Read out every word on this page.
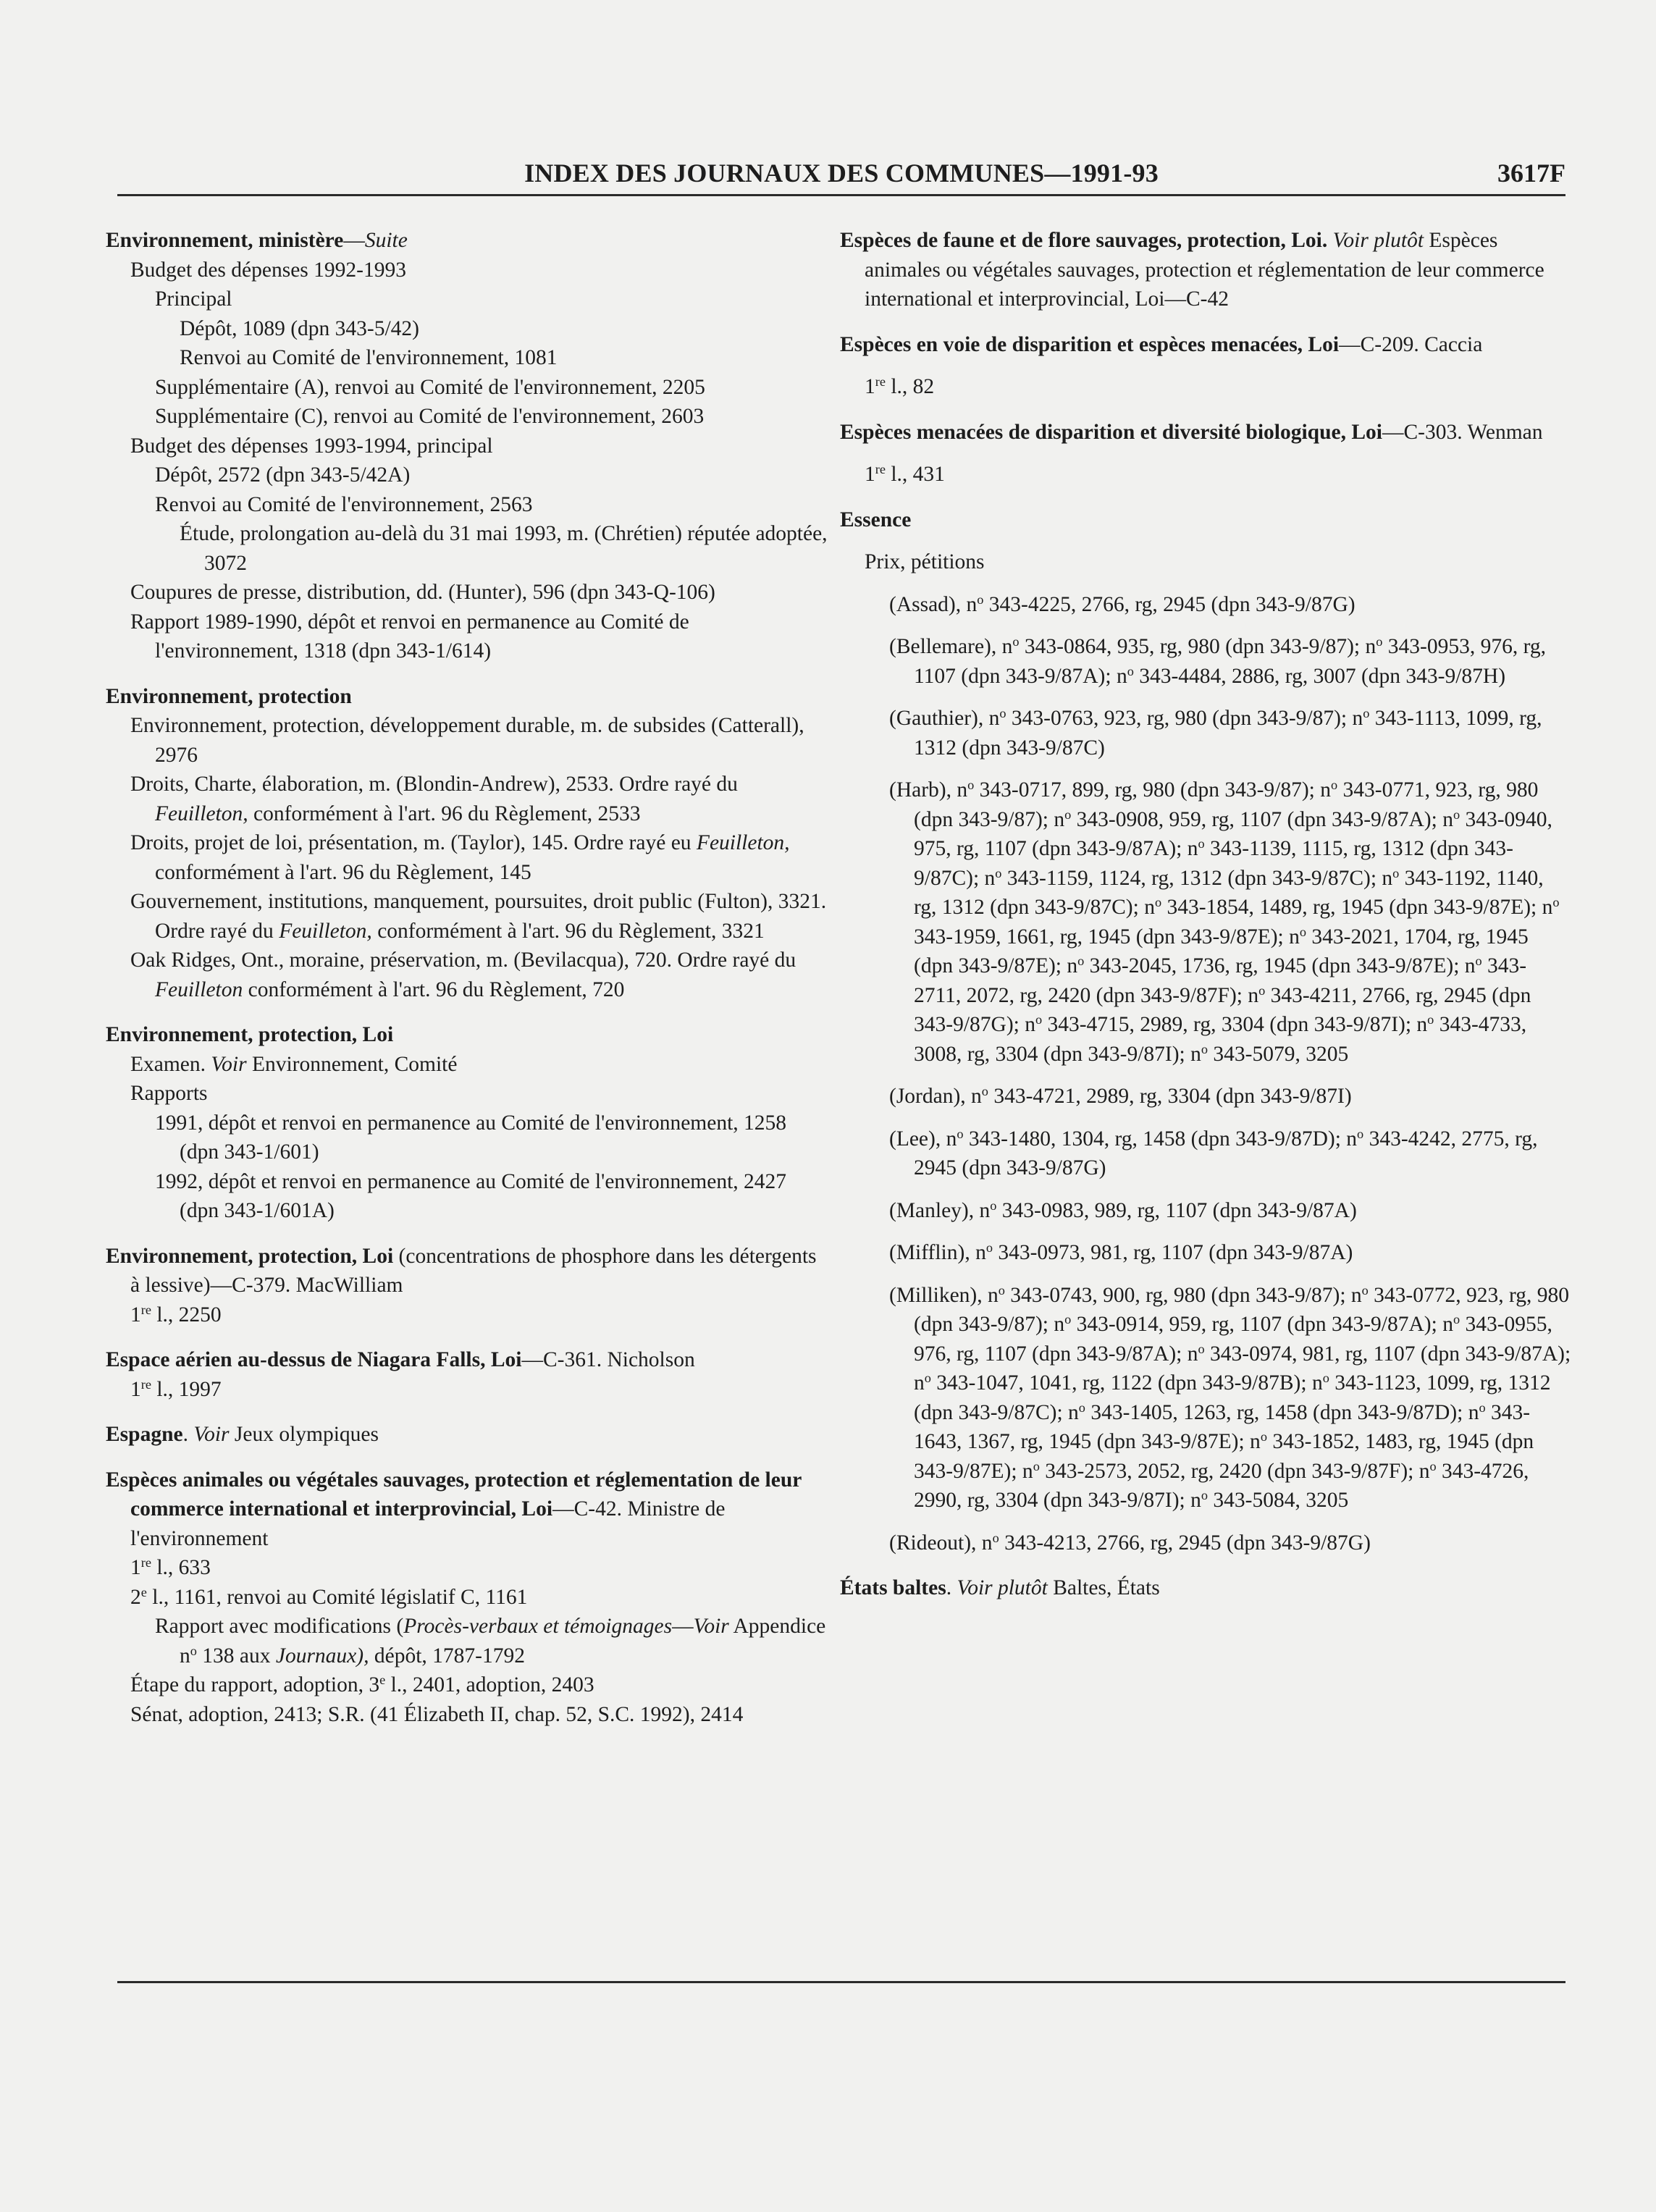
INDEX DES JOURNAUX DES COMMUNES—1991-93	3617F
Environnement, ministère—Suite
Budget des dépenses 1992-1993
Principal
Dépôt, 1089 (dpn 343-5/42)
Renvoi au Comité de l'environnement, 1081
Supplémentaire (A), renvoi au Comité de l'environnement, 2205
Supplémentaire (C), renvoi au Comité de l'environnement, 2603
Budget des dépenses 1993-1994, principal
Dépôt, 2572 (dpn 343-5/42A)
Renvoi au Comité de l'environnement, 2563
Étude, prolongation au-delà du 31 mai 1993, m. (Chrétien) réputée adoptée, 3072
Coupures de presse, distribution, dd. (Hunter), 596 (dpn 343-Q-106)
Rapport 1989-1990, dépôt et renvoi en permanence au Comité de l'environnement, 1318 (dpn 343-1/614)
Environnement, protection
Environnement, protection, développement durable, m. de subsides (Catterall), 2976
Droits, Charte, élaboration, m. (Blondin-Andrew), 2533. Ordre rayé du Feuilleton, conformément à l'art. 96 du Règlement, 2533
Droits, projet de loi, présentation, m. (Taylor), 145. Ordre rayé eu Feuilleton, conformément à l'art. 96 du Règlement, 145
Gouvernement, institutions, manquement, poursuites, droit public (Fulton), 3321. Ordre rayé du Feuilleton, conformément à l'art. 96 du Règlement, 3321
Oak Ridges, Ont., moraine, préservation, m. (Bevilacqua), 720. Ordre rayé du Feuilleton conformément à l'art. 96 du Règlement, 720
Environnement, protection, Loi
Examen. Voir Environnement, Comité
Rapports
1991, dépôt et renvoi en permanence au Comité de l'environnement, 1258 (dpn 343-1/601)
1992, dépôt et renvoi en permanence au Comité de l'environnement, 2427 (dpn 343-1/601A)
Environnement, protection, Loi (concentrations de phosphore dans les détergents à lessive)—C-379. MacWilliam
1re l., 2250
Espace aérien au-dessus de Niagara Falls, Loi—C-361. Nicholson
1re l., 1997
Espagne. Voir Jeux olympiques
Espèces animales ou végétales sauvages, protection et réglementation de leur commerce international et interprovincial, Loi—C-42. Ministre de l'environnement
1re l., 633
2e l., 1161, renvoi au Comité législatif C, 1161
Rapport avec modifications (Procès-verbaux et témoignages—Voir Appendice $n^o$ 138 aux Journaux), dépôt, 1787-1792
Étape du rapport, adoption, 3e l., 2401, adoption, 2403
Sénat, adoption, 2413; S.R. (41 Élizabeth II, chap. 52, S.C. 1992), 2414
Espèces de faune et de flore sauvages, protection, Loi. Voir plutôt Espèces animales ou végétales sauvages, protection et réglementation de leur commerce international et interprovincial, Loi—C-42
Espèces en voie de disparition et espèces menacées, Loi—C-209. Caccia
1re l., 82
Espèces menacées de disparition et diversité biologique, Loi—C-303. Wenman
1re l., 431
Essence
Prix, pétitions
(Assad), $n^o$ 343-4225, 2766, rg, 2945 (dpn 343-9/87G)
(Bellemare), $n^o$ 343-0864, 935, rg, 980 (dpn 343-9/87); $n^o$ 343-0953, 976, rg, 1107 (dpn 343-9/87A); $n^o$ 343-4484, 2886, rg, 3007 (dpn 343-9/87H)
(Gauthier), $n^o$ 343-0763, 923, rg, 980 (dpn 343-9/87); $n^o$ 343-1113, 1099, rg, 1312 (dpn 343-9/87C)
(Harb), $n^o$ 343-0717, 899, rg, 980 (dpn 343-9/87); $n^o$ 343-0771, 923, rg, 980 (dpn 343-9/87); $n^o$ 343-0908, 959, rg, 1107 (dpn 343-9/87A); $n^o$ 343-0940, 975, rg, 1107 (dpn 343-9/87A); $n^o$ 343-1139, 1115, rg, 1312 (dpn 343-9/87C); $n^o$ 343-1159, 1124, rg, 1312 (dpn 343-9/87C); $n^o$ 343-1192, 1140, rg, 1312 (dpn 343-9/87C); $n^o$ 343-1854, 1489, rg, 1945 (dpn 343-9/87E); $n^o$ 343-1959, 1661, rg, 1945 (dpn 343-9/87E); $n^o$ 343-2021, 1704, rg, 1945 (dpn 343-9/87E); $n^o$ 343-2045, 1736, rg, 1945 (dpn 343-9/87E); $n^o$ 343-2711, 2072, rg, 2420 (dpn 343-9/87F); $n^o$ 343-4211, 2766, rg, 2945 (dpn 343-9/87G); $n^o$ 343-4715, 2989, rg, 3304 (dpn 343-9/87I); $n^o$ 343-4733, 3008, rg, 3304 (dpn 343-9/87I); $n^o$ 343-5079, 3205
(Jordan), $n^o$ 343-4721, 2989, rg, 3304 (dpn 343-9/87I)
(Lee), $n^o$ 343-1480, 1304, rg, 1458 (dpn 343-9/87D); $n^o$ 343-4242, 2775, rg, 2945 (dpn 343-9/87G)
(Manley), $n^o$ 343-0983, 989, rg, 1107 (dpn 343-9/87A)
(Mifflin), $n^o$ 343-0973, 981, rg, 1107 (dpn 343-9/87A)
(Milliken), $n^o$ 343-0743, 900, rg, 980 (dpn 343-9/87); $n^o$ 343-0772, 923, rg, 980 (dpn 343-9/87); $n^o$ 343-0914, 959, rg, 1107 (dpn 343-9/87A); $n^o$ 343-0955, 976, rg, 1107 (dpn 343-9/87A); $n^o$ 343-0974, 981, rg, 1107 (dpn 343-9/87A); $n^o$ 343-1047, 1041, rg, 1122 (dpn 343-9/87B); $n^o$ 343-1123, 1099, rg, 1312 (dpn 343-9/87C); $n^o$ 343-1405, 1263, rg, 1458 (dpn 343-9/87D); $n^o$ 343-1643, 1367, rg, 1945 (dpn 343-9/87E); $n^o$ 343-1852, 1483, rg, 1945 (dpn 343-9/87E); $n^o$ 343-2573, 2052, rg, 2420 (dpn 343-9/87F); $n^o$ 343-4726, 2990, rg, 3304 (dpn 343-9/87I); $n^o$ 343-5084, 3205
(Rideout), $n^o$ 343-4213, 2766, rg, 2945 (dpn 343-9/87G)
États baltes. Voir plutôt Baltes, États
